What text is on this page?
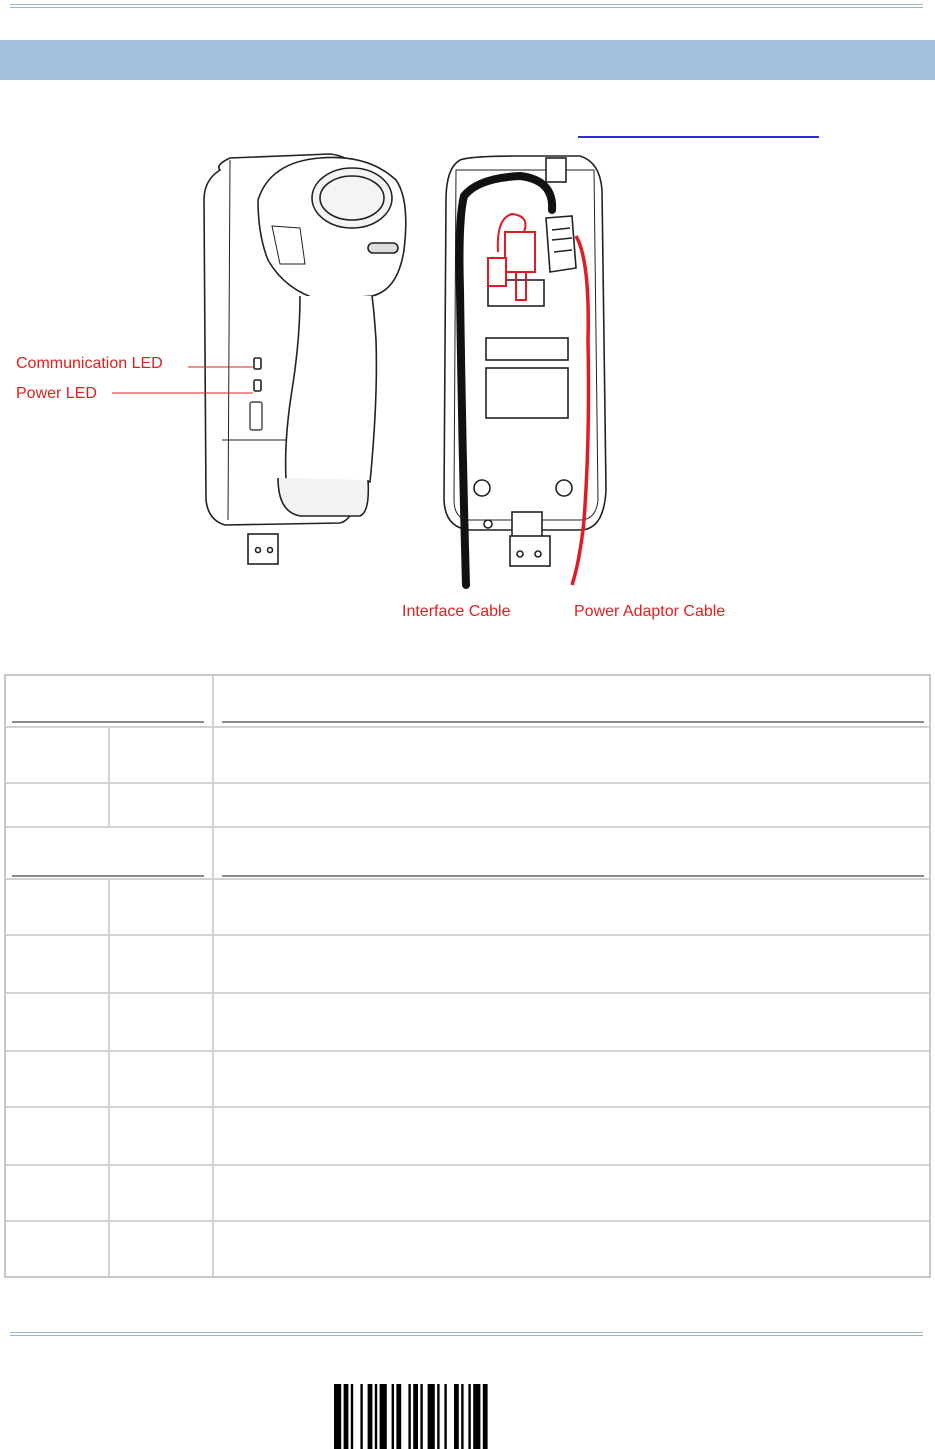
Communication LED
Power LED
Interface Cable	Power Adaptor Cable
